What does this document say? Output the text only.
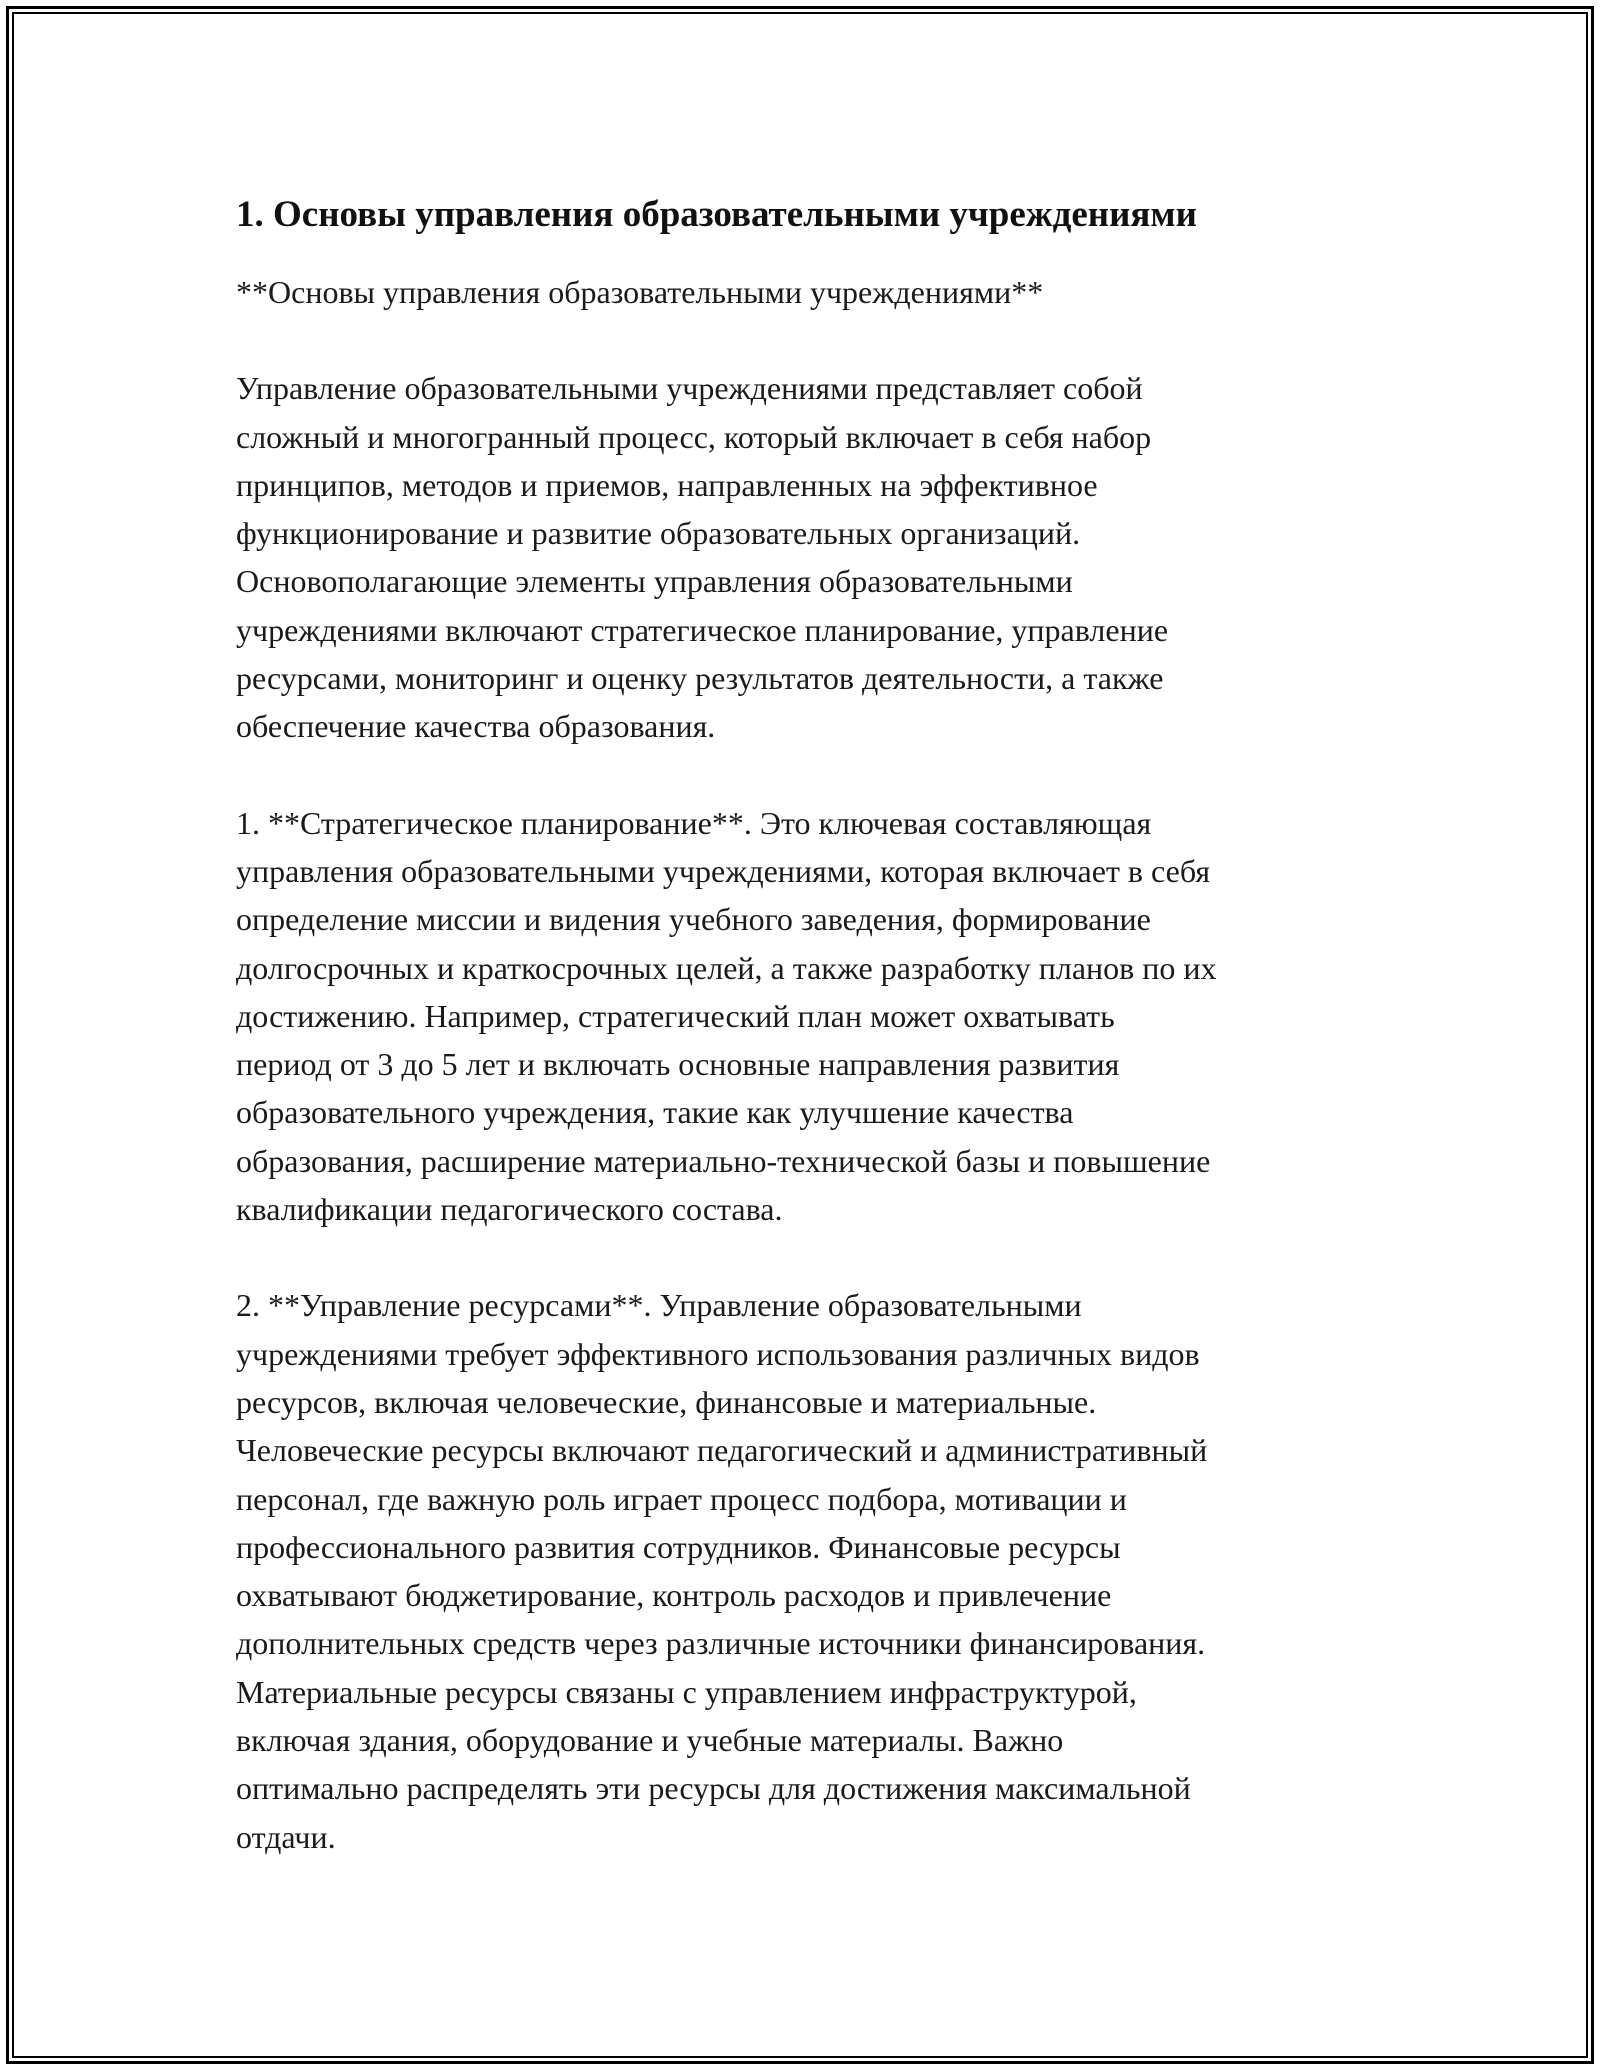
1. Основы управления образовательными учреждениями

**Основы управления образовательными учреждениями**

Управление образовательными учреждениями представляет собой
сложный и многогранный процесс, который включает в себя набор
принципов, методов и приемов, направленных на эффективное
функционирование и развитие образовательных организаций.
Основополагающие элементы управления образовательными
учреждениями включают стратегическое планирование, управление
ресурсами, мониторинг и оценку результатов деятельности, а также
обеспечение качества образования.

1. **Стратегическое планирование**. Это ключевая составляющая
управления образовательными учреждениями, которая включает в себя
определение миссии и видения учебного заведения, формирование
долгосрочных и краткосрочных целей, а также разработку планов по их
достижению. Например, стратегический план может охватывать
период от 3 до 5 лет и включать основные направления развития
образовательного учреждения, такие как улучшение качества
образования, расширение материально-технической базы и повышение
квалификации педагогического состава.

2. **Управление ресурсами**. Управление образовательными
учреждениями требует эффективного использования различных видов
ресурсов, включая человеческие, финансовые и материальные.
Человеческие ресурсы включают педагогический и административный
персонал, где важную роль играет процесс подбора, мотивации и
профессионального развития сотрудников. Финансовые ресурсы
охватывают бюджетирование, контроль расходов и привлечение
дополнительных средств через различные источники финансирования.
Материальные ресурсы связаны с управлением инфраструктурой,
включая здания, оборудование и учебные материалы. Важно
оптимально распределять эти ресурсы для достижения максимальной
отдачи.
